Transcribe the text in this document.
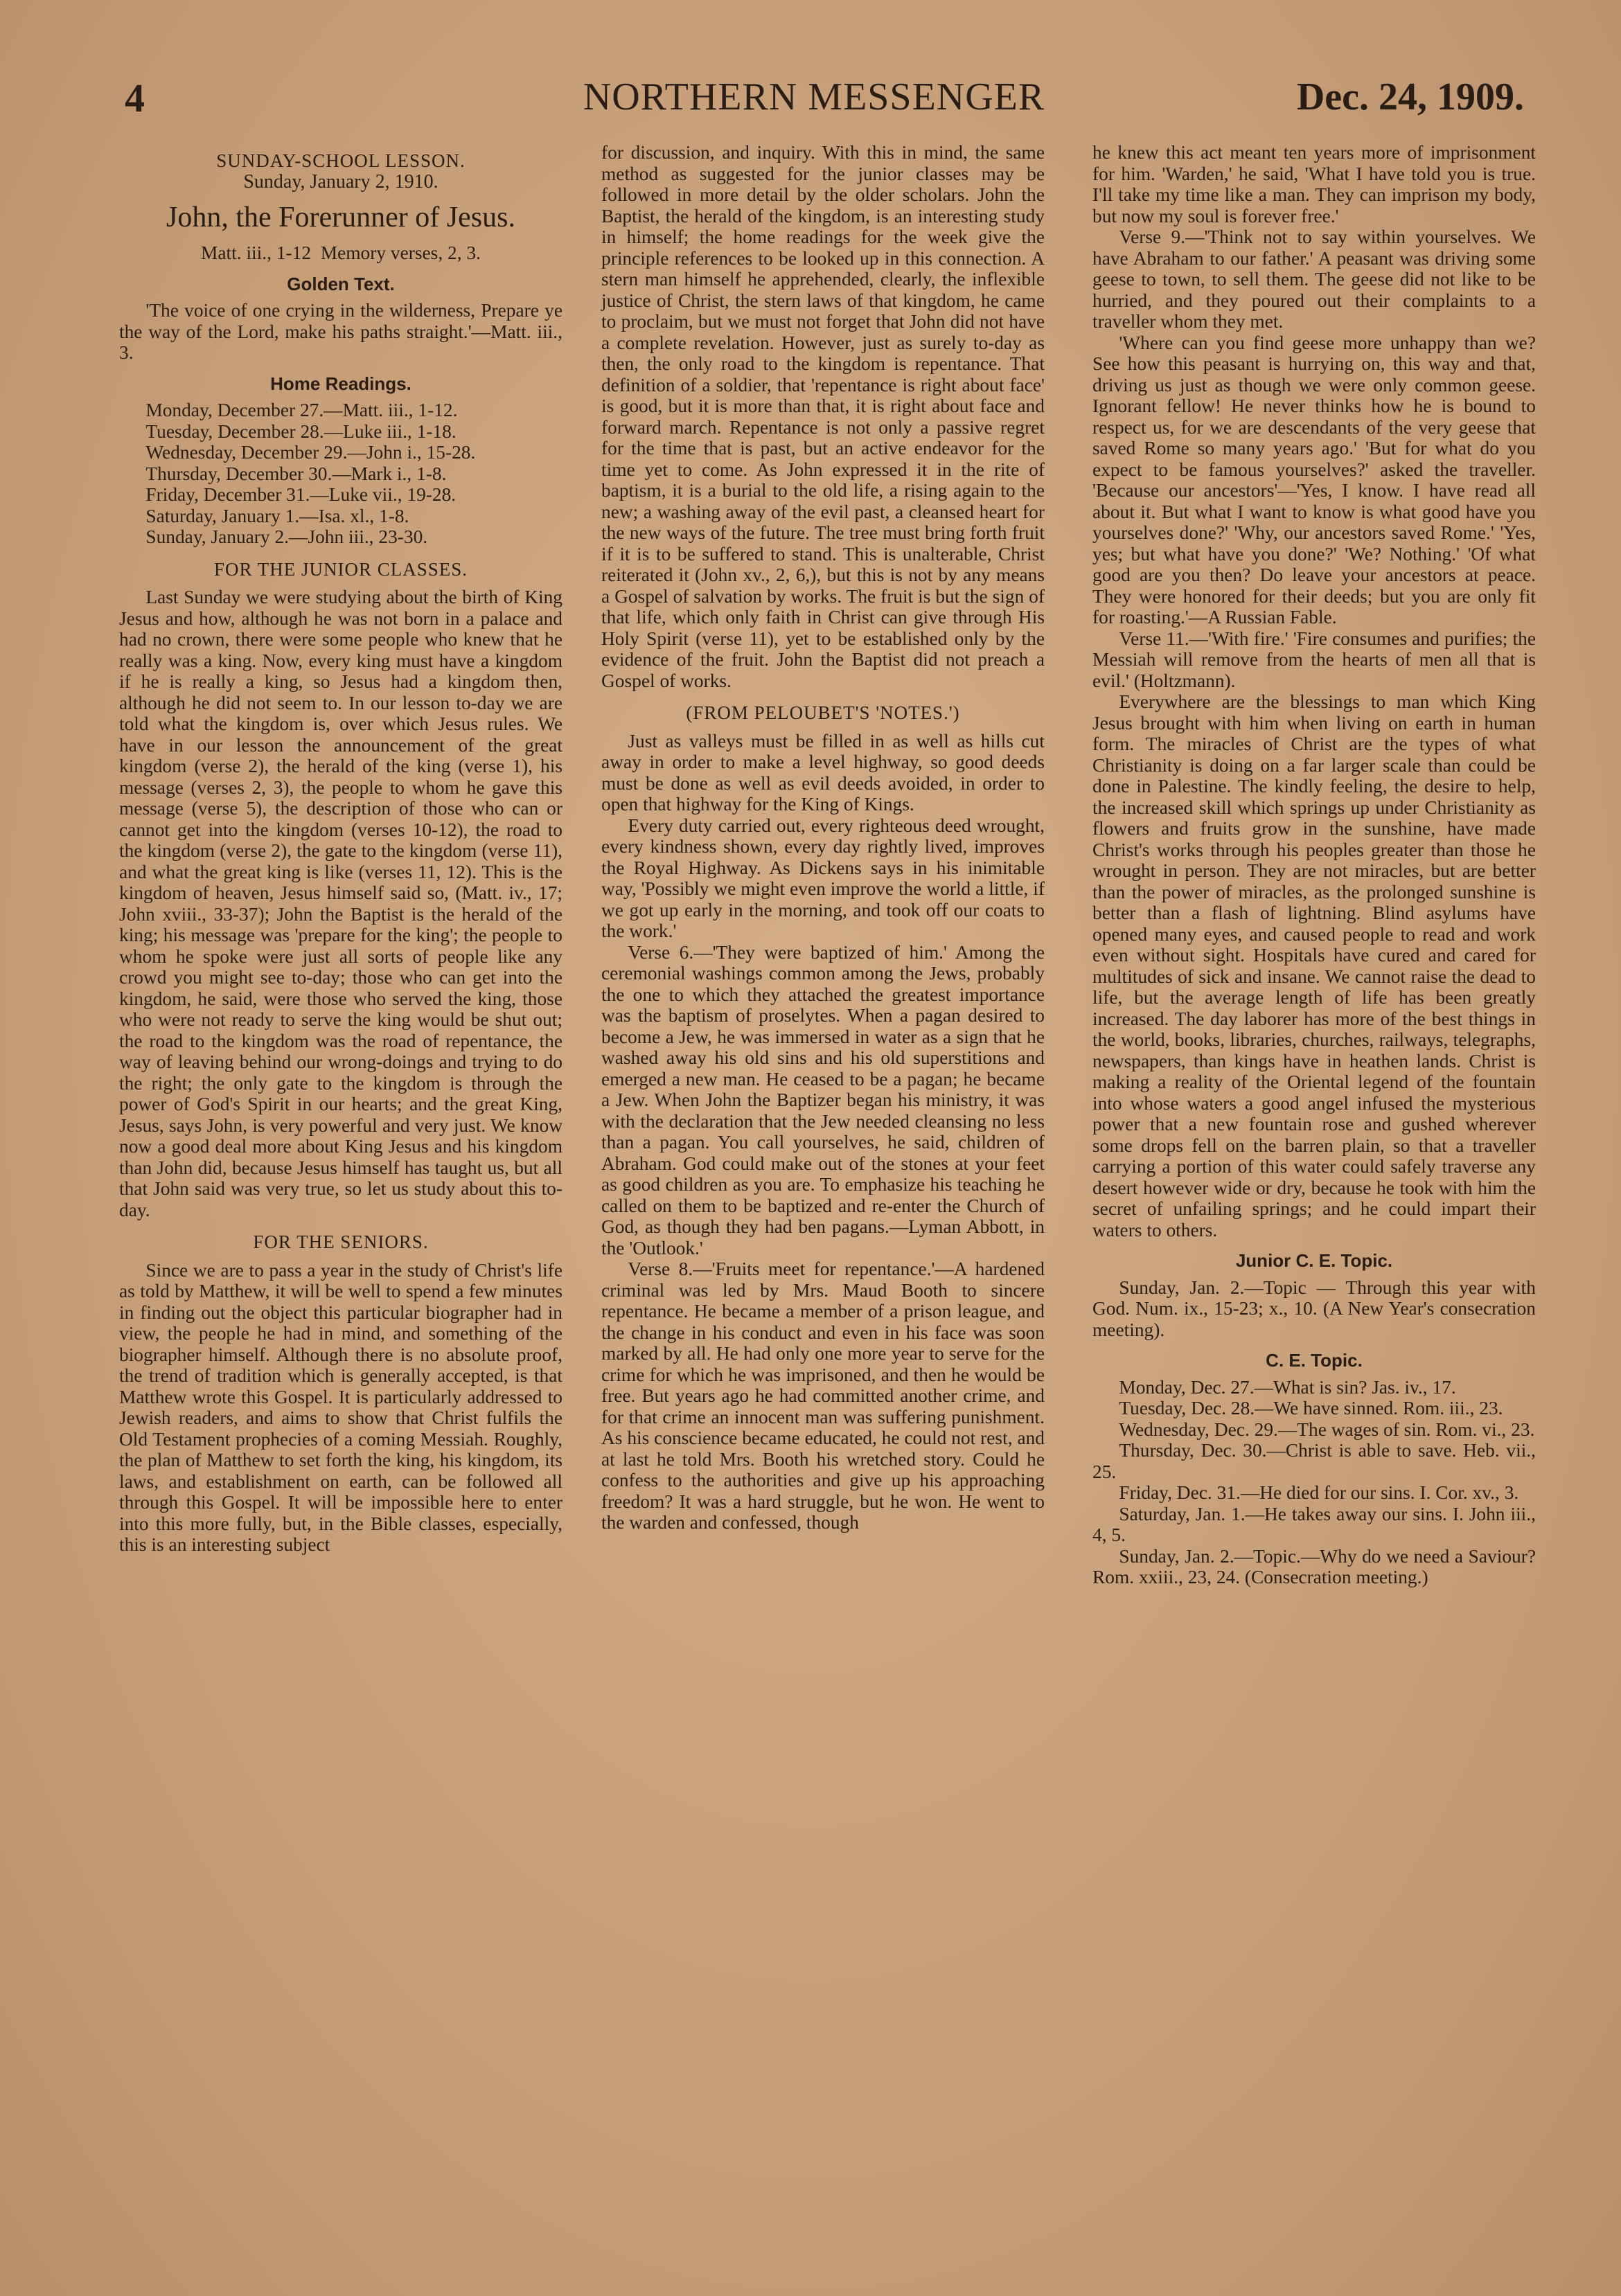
4	NORTHERN MESSENGER	Dec. 24, 1909.
SUNDAY-SCHOOL LESSON.
Sunday, January 2, 1910.
John, the Forerunner of Jesus.
Matt. iii., 1-12  Memory verses, 2, 3.
Golden Text.

'The voice of one crying in the wilderness, Prepare ye the way of the Lord, make his paths straight.'—Matt. iii., 3.

Home Readings.

Monday, December 27.—Matt. iii., 1-12.

Tuesday, December 28.—Luke iii., 1-18.

Wednesday, December 29.—John i., 15-28.

Thursday, December 30.—Mark i., 1-8.

Friday, December 31.—Luke vii., 19-28.

Saturday, January 1.—Isa. xl., 1-8.

Sunday, January 2.—John iii., 23-30.

FOR THE JUNIOR CLASSES.

Last Sunday we were studying about the birth of King Jesus and how, although he was not born in a palace and had no crown, there were some people who knew that he really was a king. Now, every king must have a kingdom if he is really a king, so Jesus had a kingdom then, although he did not seem to. In our lesson to-day we are told what the kingdom is, over which Jesus rules. We have in our lesson the announcement of the great kingdom (verse 2), the herald of the king (verse 1), his message (verses 2, 3), the people to whom he gave this message (verse 5), the description of those who can or cannot get into the kingdom (verses 10-12), the road to the kingdom (verse 2), the gate to the kingdom (verse 11), and what the great king is like (verses 11, 12). This is the kingdom of heaven, Jesus himself said so, (Matt. iv., 17; John xviii., 33-37); John the Baptist is the herald of the king; his message was 'prepare for the king'; the people to whom he spoke were just all sorts of people like any crowd you might see to-day; those who can get into the kingdom, he said, were those who served the king, those who were not ready to serve the king would be shut out; the road to the kingdom was the road of repentance, the way of leaving behind our wrong-doings and trying to do the right; the only gate to the kingdom is through the power of God's Spirit in our hearts; and the great King, Jesus, says John, is very powerful and very just. We know now a good deal more about King Jesus and his kingdom than John did, because Jesus himself has taught us, but all that John said was very true, so let us study about this to-day.

FOR THE SENIORS.

Since we are to pass a year in the study of Christ's life as told by Matthew, it will be well to spend a few minutes in finding out the object this particular biographer had in view, the people he had in mind, and something of the biographer himself. Although there is no absolute proof, the trend of tradition which is generally accepted, is that Matthew wrote this Gospel. It is particularly addressed to Jewish readers, and aims to show that Christ fulfils the Old Testament prophecies of a coming Messiah. Roughly, the plan of Matthew to set forth the king, his kingdom, its laws, and establishment on earth, can be followed all through this Gospel. It will be impossible here to enter into this more fully, but, in the Bible classes, especially, this is an interesting subject

for discussion, and inquiry. With this in mind, the same method as suggested for the junior classes may be followed in more detail by the older scholars. John the Baptist, the herald of the kingdom, is an interesting study in himself; the home readings for the week give the principle references to be looked up in this connection. A stern man himself he apprehended, clearly, the inflexible justice of Christ, the stern laws of that kingdom, he came to proclaim, but we must not forget that John did not have a complete revelation. However, just as surely to-day as then, the only road to the kingdom is repentance. That definition of a soldier, that 'repentance is right about face' is good, but it is more than that, it is right about face and forward march. Repentance is not only a passive regret for the time that is past, but an active endeavor for the time yet to come. As John expressed it in the rite of baptism, it is a burial to the old life, a rising again to the new; a washing away of the evil past, a cleansed heart for the new ways of the future. The tree must bring forth fruit if it is to be suffered to stand. This is unalterable, Christ reiterated it (John xv., 2, 6,), but this is not by any means a Gospel of salvation by works. The fruit is but the sign of that life, which only faith in Christ can give through His Holy Spirit (verse 11), yet to be established only by the evidence of the fruit. John the Baptist did not preach a Gospel of works.

(FROM PELOUBET'S 'NOTES.')

Just as valleys must be filled in as well as hills cut away in order to make a level highway, so good deeds must be done as well as evil deeds avoided, in order to open that highway for the King of Kings.

Every duty carried out, every righteous deed wrought, every kindness shown, every day rightly lived, improves the Royal Highway. As Dickens says in his inimitable way, 'Possibly we might even improve the world a little, if we got up early in the morning, and took off our coats to the work.'

Verse 6.—'They were baptized of him.' Among the ceremonial washings common among the Jews, probably the one to which they attached the greatest importance was the baptism of proselytes. When a pagan desired to become a Jew, he was immersed in water as a sign that he washed away his old sins and his old superstitions and emerged a new man. He ceased to be a pagan; he became a Jew. When John the Baptizer began his ministry, it was with the declaration that the Jew needed cleansing no less than a pagan. You call yourselves, he said, children of Abraham. God could make out of the stones at your feet as good children as you are. To emphasize his teaching he called on them to be baptized and re-enter the Church of God, as though they had ben pagans.—Lyman Abbott, in the 'Outlook.'

Verse 8.—'Fruits meet for repentance.'—A hardened criminal was led by Mrs. Maud Booth to sincere repentance. He became a member of a prison league, and the change in his conduct and even in his face was soon marked by all. He had only one more year to serve for the crime for which he was imprisoned, and then he would be free. But years ago he had committed another crime, and for that crime an innocent man was suffering punishment. As his conscience became educated, he could not rest, and at last he told Mrs. Booth his wretched story. Could he confess to the authorities and give up his approaching freedom? It was a hard struggle, but he won. He went to the warden and confessed, though

he knew this act meant ten years more of imprisonment for him. 'Warden,' he said, 'What I have told you is true. I'll take my time like a man. They can imprison my body, but now my soul is forever free.'

Verse 9.—'Think not to say within yourselves. We have Abraham to our father.' A peasant was driving some geese to town, to sell them. The geese did not like to be hurried, and they poured out their complaints to a traveller whom they met.

'Where can you find geese more unhappy than we? See how this peasant is hurrying on, this way and that, driving us just as though we were only common geese. Ignorant fellow! He never thinks how he is bound to respect us, for we are descendants of the very geese that saved Rome so many years ago.' 'But for what do you expect to be famous yourselves?' asked the traveller. 'Because our ancestors'—'Yes, I know. I have read all about it. But what I want to know is what good have you yourselves done?' 'Why, our ancestors saved Rome.' 'Yes, yes; but what have you done?' 'We? Nothing.' 'Of what good are you then? Do leave your ancestors at peace. They were honored for their deeds; but you are only fit for roasting.'—A Russian Fable.

Verse 11.—'With fire.' 'Fire consumes and purifies; the Messiah will remove from the hearts of men all that is evil.' (Holtzmann).

Everywhere are the blessings to man which King Jesus brought with him when living on earth in human form. The miracles of Christ are the types of what Christianity is doing on a far larger scale than could be done in Palestine. The kindly feeling, the desire to help, the increased skill which springs up under Christianity as flowers and fruits grow in the sunshine, have made Christ's works through his peoples greater than those he wrought in person. They are not miracles, but are better than the power of miracles, as the prolonged sunshine is better than a flash of lightning. Blind asylums have opened many eyes, and caused people to read and work even without sight. Hospitals have cured and cared for multitudes of sick and insane. We cannot raise the dead to life, but the average length of life has been greatly increased. The day laborer has more of the best things in the world, books, libraries, churches, railways, telegraphs, newspapers, than kings have in heathen lands. Christ is making a reality of the Oriental legend of the fountain into whose waters a good angel infused the mysterious power that a new fountain rose and gushed wherever some drops fell on the barren plain, so that a traveller carrying a portion of this water could safely traverse any desert however wide or dry, because he took with him the secret of unfailing springs; and he could impart their waters to others.

Junior C. E. Topic.

Sunday, Jan. 2.—Topic — Through this year with God. Num. ix., 15-23; x., 10. (A New Year's consecration meeting).

C. E. Topic.

Monday, Dec. 27.—What is sin? Jas. iv., 17.

Tuesday, Dec. 28.—We have sinned. Rom. iii., 23.

Wednesday, Dec. 29.—The wages of sin. Rom. vi., 23.

Thursday, Dec. 30.—Christ is able to save. Heb. vii., 25.

Friday, Dec. 31.—He died for our sins. I. Cor. xv., 3.

Saturday, Jan. 1.—He takes away our sins. I. John iii., 4, 5.

Sunday, Jan. 2.—Topic.—Why do we need a Saviour? Rom. xxiii., 23, 24. (Consecration meeting.)
